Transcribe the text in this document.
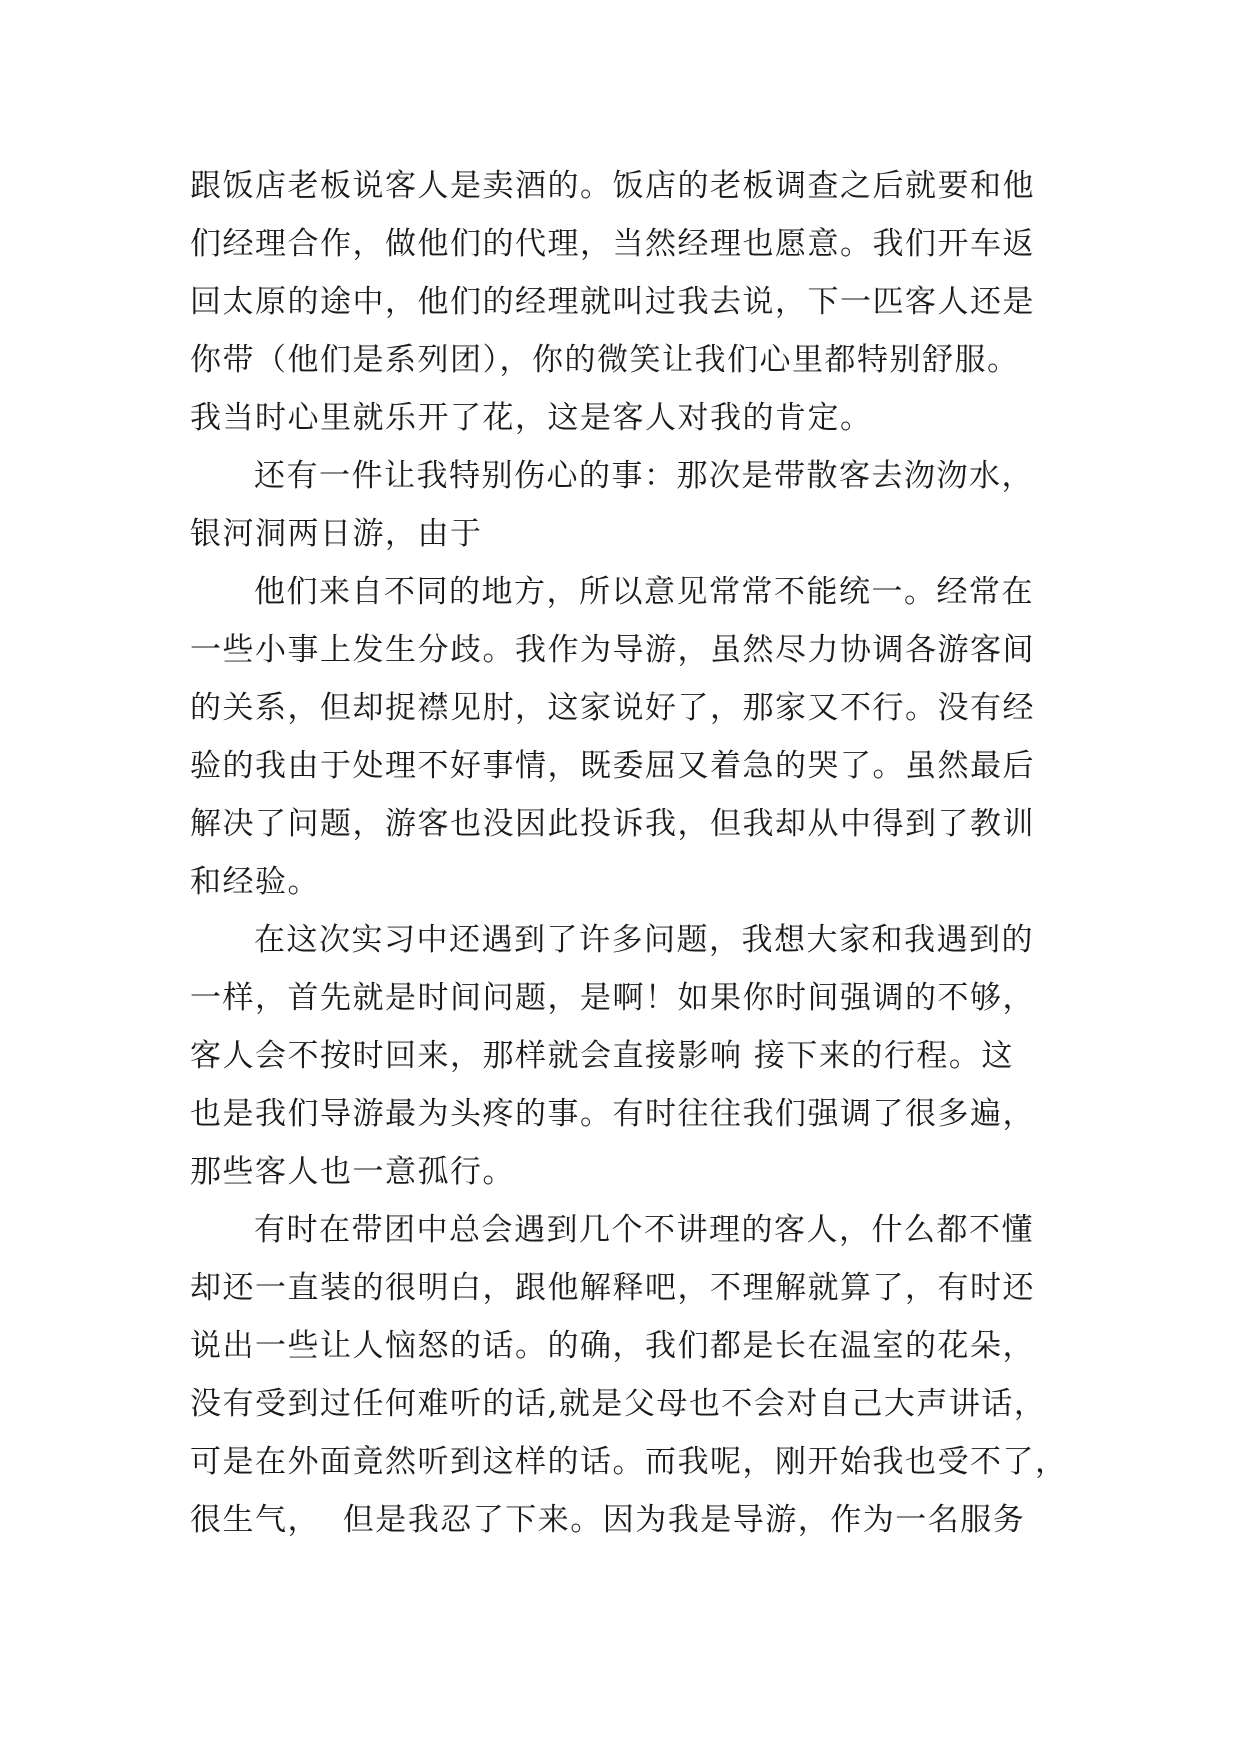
跟饭店老板说客人是卖酒的。饭店的老板调查之后就要和他
们经理合作，做他们的代理，当然经理也愿意。我们开车返
回太原的途中，他们的经理就叫过我去说，下一匹客人还是
你带（他们是系列团），你的微笑让我们心里都特别舒服。
我当时心里就乐开了花，这是客人对我的肯定。
还有一件让我特别伤心的事：那次是带散客去沕沕水，
银河洞两日游，由于
他们来自不同的地方，所以意见常常不能统一。经常在
一些小事上发生分歧。我作为导游，虽然尽力协调各游客间
的关系，但却捉襟见肘，这家说好了，那家又不行。没有经
验的我由于处理不好事情，既委屈又着急的哭了。虽然最后
解决了问题，游客也没因此投诉我，但我却从中得到了教训
和经验。
在这次实习中还遇到了许多问题，我想大家和我遇到的
一样，首先就是时间问题，是啊！如果你时间强调的不够，
客人会不按时回来，那样就会直接影响 接下来的行程。这
也是我们导游最为头疼的事。有时往往我们强调了很多遍，
那些客人也一意孤行。
有时在带团中总会遇到几个不讲理的客人，什么都不懂
却还一直装的很明白，跟他解释吧，不理解就算了，有时还
说出一些让人恼怒的话。的确，我们都是长在温室的花朵，
没有受到过任何难听的话,就是父母也不会对自己大声讲话，
可是在外面竟然听到这样的话。而我呢，刚开始我也受不了，
很生气，  但是我忍了下来。因为我是导游，作为一名服务
